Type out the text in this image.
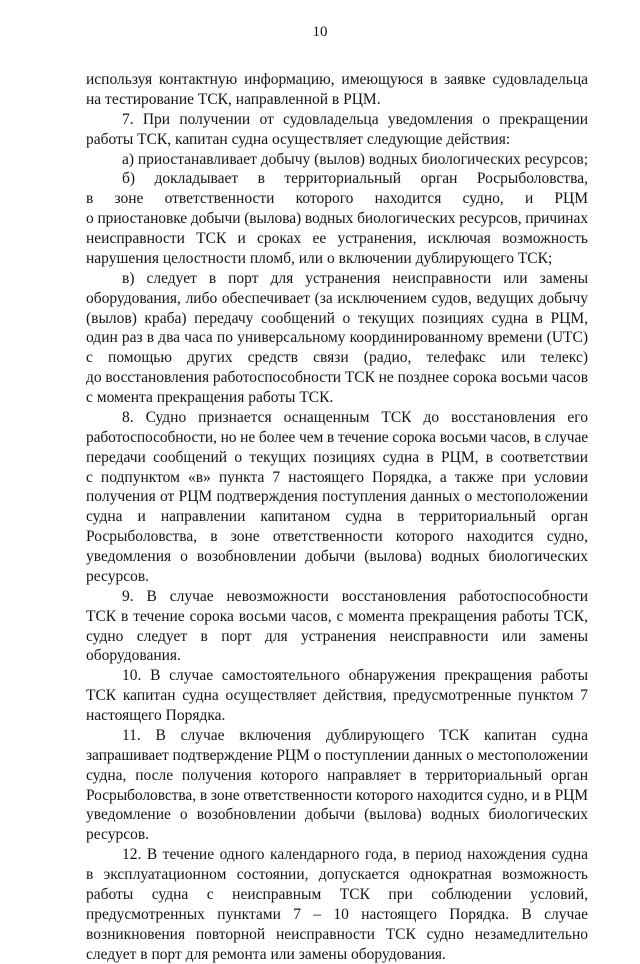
10
используя контактную информацию, имеющуюся в заявке судовладельца
на тестирование ТСК, направленной в РЦМ.
7. При получении от судовладельца уведомления о прекращении
работы ТСК, капитан судна осуществляет следующие действия:
а) приостанавливает добычу (вылов) водных биологических ресурсов;
б) докладывает в территориальный орган Росрыболовства,
в зоне ответственности которого находится судно, и РЦМ
о приостановке добычи (вылова) водных биологических ресурсов, причинах
неисправности ТСК и сроках ее устранения, исключая возможность
нарушения целостности пломб, или о включении дублирующего ТСК;
в) следует в порт для устранения неисправности или замены
оборудования, либо обеспечивает (за исключением судов, ведущих добычу
(вылов) краба) передачу сообщений о текущих позициях судна в РЦМ,
один раз в два часа по универсальному координированному времени (UTC)
с помощью других средств связи (радио, телефакс или телекс)
до восстановления работоспособности ТСК не позднее сорока восьми часов
с момента прекращения работы ТСК.
8. Судно признается оснащенным ТСК до восстановления его
работоспособности, но не более чем в течение сорока восьми часов, в случае
передачи сообщений о текущих позициях судна в РЦМ, в соответствии
с подпунктом «в» пункта 7 настоящего Порядка, а также при условии
получения от РЦМ подтверждения поступления данных о местоположении
судна и направлении капитаном судна в территориальный орган
Росрыболовства, в зоне ответственности которого находится судно,
уведомления о возобновлении добычи (вылова) водных биологических
ресурсов.
9. В случае невозможности восстановления работоспособности
ТСК в течение сорока восьми часов, с момента прекращения работы ТСК,
судно следует в порт для устранения неисправности или замены
оборудования.
10. В случае самостоятельного обнаружения прекращения работы
ТСК капитан судна осуществляет действия, предусмотренные пунктом 7
настоящего Порядка.
11. В случае включения дублирующего ТСК капитан судна
запрашивает подтверждение РЦМ о поступлении данных о местоположении
судна, после получения которого направляет в территориальный орган
Росрыболовства, в зоне ответственности которого находится судно, и в РЦМ
уведомление о возобновлении добычи (вылова) водных биологических
ресурсов.
12. В течение одного календарного года, в период нахождения судна
в эксплуатационном состоянии, допускается однократная возможность
работы судна с неисправным ТСК при соблюдении условий,
предусмотренных пунктами 7 – 10 настоящего Порядка. В случае
возникновения повторной неисправности ТСК судно незамедлительно
следует в порт для ремонта или замены оборудования.
